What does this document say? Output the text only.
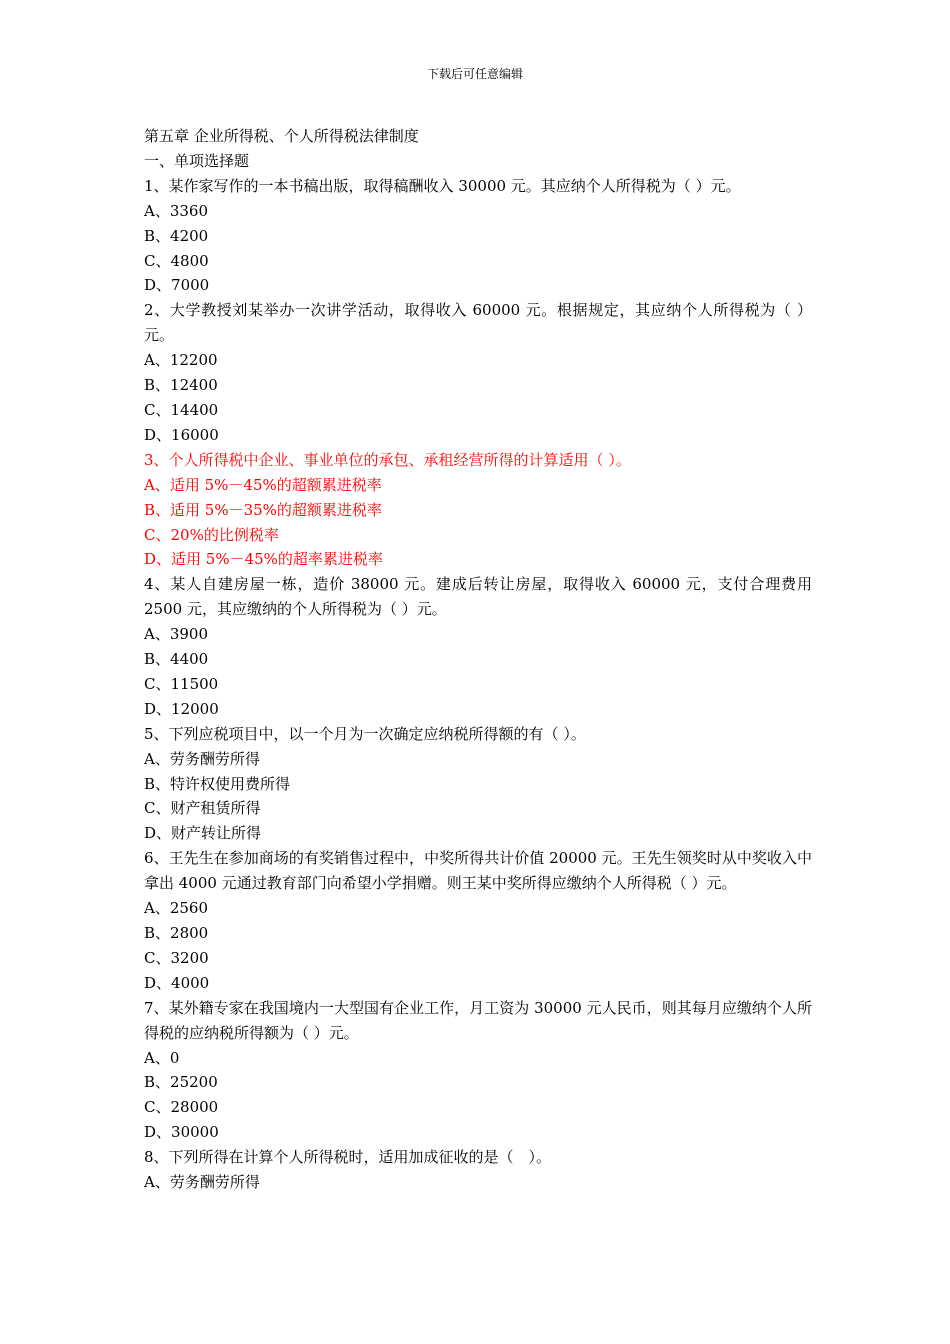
下载后可任意编辑
第五章 企业所得税、个人所得税法律制度
一、单项选择题
1、某作家写作的一本书稿出版，取得稿酬收入 30000 元。其应纳个人所得税为（ ）元。
A、3360
B、4200
C、4800
D、7000
2、大学教授刘某举办一次讲学活动，取得收入 60000 元。根据规定，其应纳个人所得税为（ ）元。
A、12200
B、12400
C、14400
D、16000
3、个人所得税中企业、事业单位的承包、承租经营所得的计算适用（ ）。
A、适用 5%－45%的超额累进税率
B、适用 5%－35%的超额累进税率
C、20%的比例税率
D、适用 5%－45%的超率累进税率
4、某人自建房屋一栋，造价 38000 元。建成后转让房屋，取得收入 60000 元，支付合理费用 2500 元，其应缴纳的个人所得税为（ ）元。
A、3900
B、4400
C、11500
D、12000
5、下列应税项目中，以一个月为一次确定应纳税所得额的有（ ）。
A、劳务酬劳所得
B、特许权使用费所得
C、财产租赁所得
D、财产转让所得
6、王先生在参加商场的有奖销售过程中，中奖所得共计价值 20000 元。王先生领奖时从中奖收入中拿出 4000 元通过教育部门向希望小学捐赠。则王某中奖所得应缴纳个人所得税（ ）元。
A、2560
B、2800
C、3200
D、4000
7、某外籍专家在我国境内一大型国有企业工作，月工资为 30000 元人民币，则其每月应缴纳个人所得税的应纳税所得额为（ ）元。
A、0
B、25200
C、28000
D、30000
8、下列所得在计算个人所得税时，适用加成征收的是（　）。
A、劳务酬劳所得
